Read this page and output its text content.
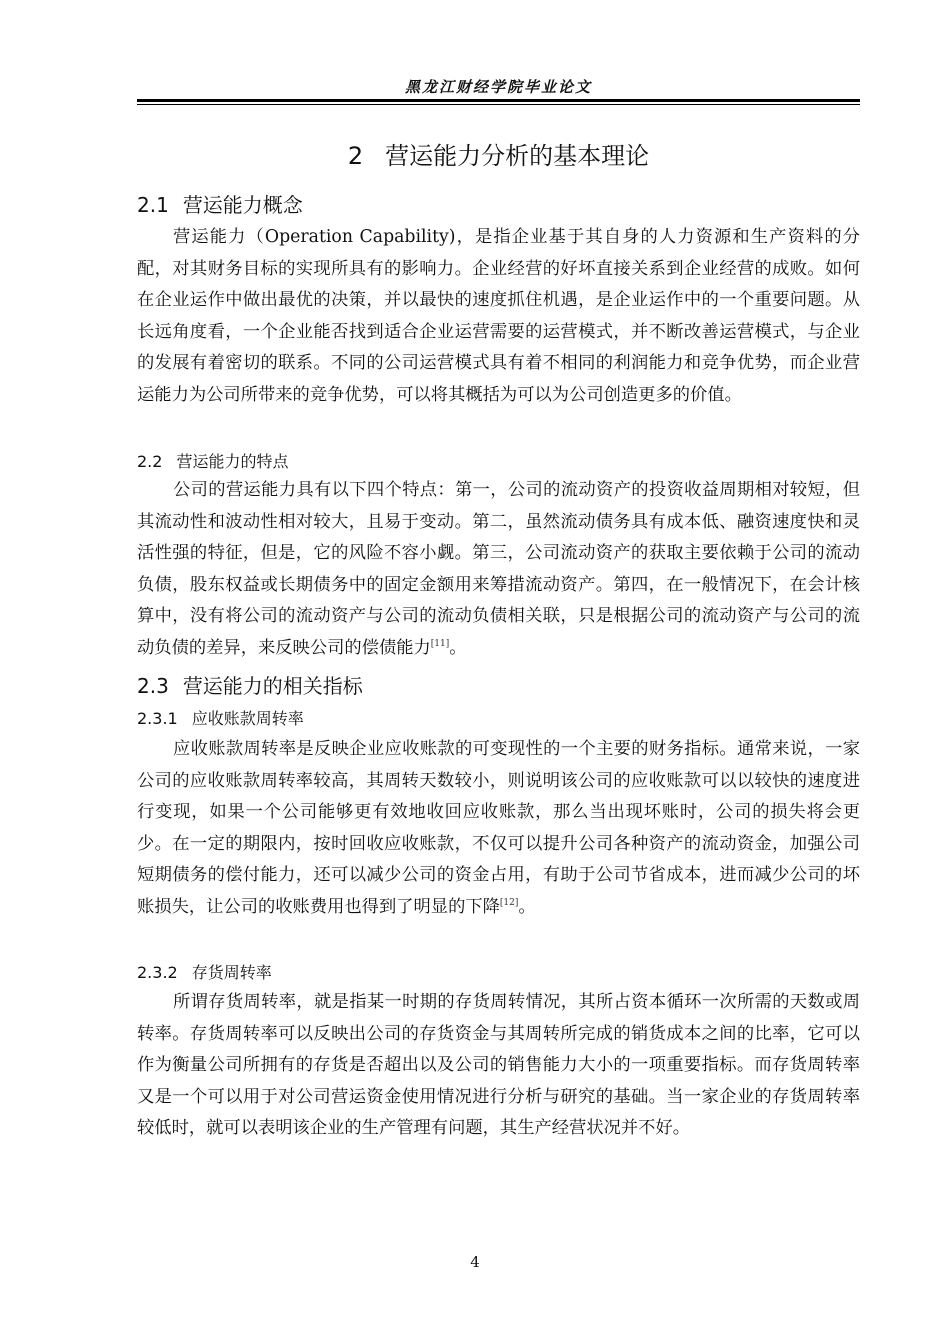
黑龙江财经学院毕业论文
2 营运能力分析的基本理论
2.1 营运能力概念
营运能力（Operation Capability)，是指企业基于其自身的人力资源和生产资料的分配，对其财务目标的实现所具有的影响力。企业经营的好坏直接关系到企业经营的成败。如何在企业运作中做出最优的决策，并以最快的速度抓住机遇，是企业运作中的一个重要问题。从长远角度看，一个企业能否找到适合企业运营需要的运营模式，并不断改善运营模式，与企业的发展有着密切的联系。不同的公司运营模式具有着不相同的利润能力和竞争优势，而企业营运能力为公司所带来的竞争优势，可以将其概括为可以为公司创造更多的价值。
2.2 营运能力的特点
公司的营运能力具有以下四个特点：第一，公司的流动资产的投资收益周期相对较短，但其流动性和波动性相对较大，且易于变动。第二，虽然流动债务具有成本低、融资速度快和灵活性强的特征，但是，它的风险不容小觑。第三，公司流动资产的获取主要依赖于公司的流动负债，股东权益或长期债务中的固定金额用来筹措流动资产。第四，在一般情况下，在会计核算中，没有将公司的流动资产与公司的流动负债相关联，只是根据公司的流动资产与公司的流动负债的差异，来反映公司的偿债能力[11]。
2.3 营运能力的相关指标
2.3.1 应收账款周转率
应收账款周转率是反映企业应收账款的可变现性的一个主要的财务指标。通常来说，一家公司的应收账款周转率较高，其周转天数较小，则说明该公司的应收账款可以以较快的速度进行变现，如果一个公司能够更有效地收回应收账款，那么当出现坏账时，公司的损失将会更少。在一定的期限内，按时回收应收账款，不仅可以提升公司各种资产的流动资金，加强公司短期债务的偿付能力，还可以减少公司的资金占用，有助于公司节省成本，进而减少公司的坏账损失，让公司的收账费用也得到了明显的下降[12]。
2.3.2 存货周转率
所谓存货周转率，就是指某一时期的存货周转情况，其所占资本循环一次所需的天数或周转率。存货周转率可以反映出公司的存货资金与其周转所完成的销货成本之间的比率，它可以作为衡量公司所拥有的存货是否超出以及公司的销售能力大小的一项重要指标。而存货周转率又是一个可以用于对公司营运资金使用情况进行分析与研究的基础。当一家企业的存货周转率较低时，就可以表明该企业的生产管理有问题，其生产经营状况并不好。
4
